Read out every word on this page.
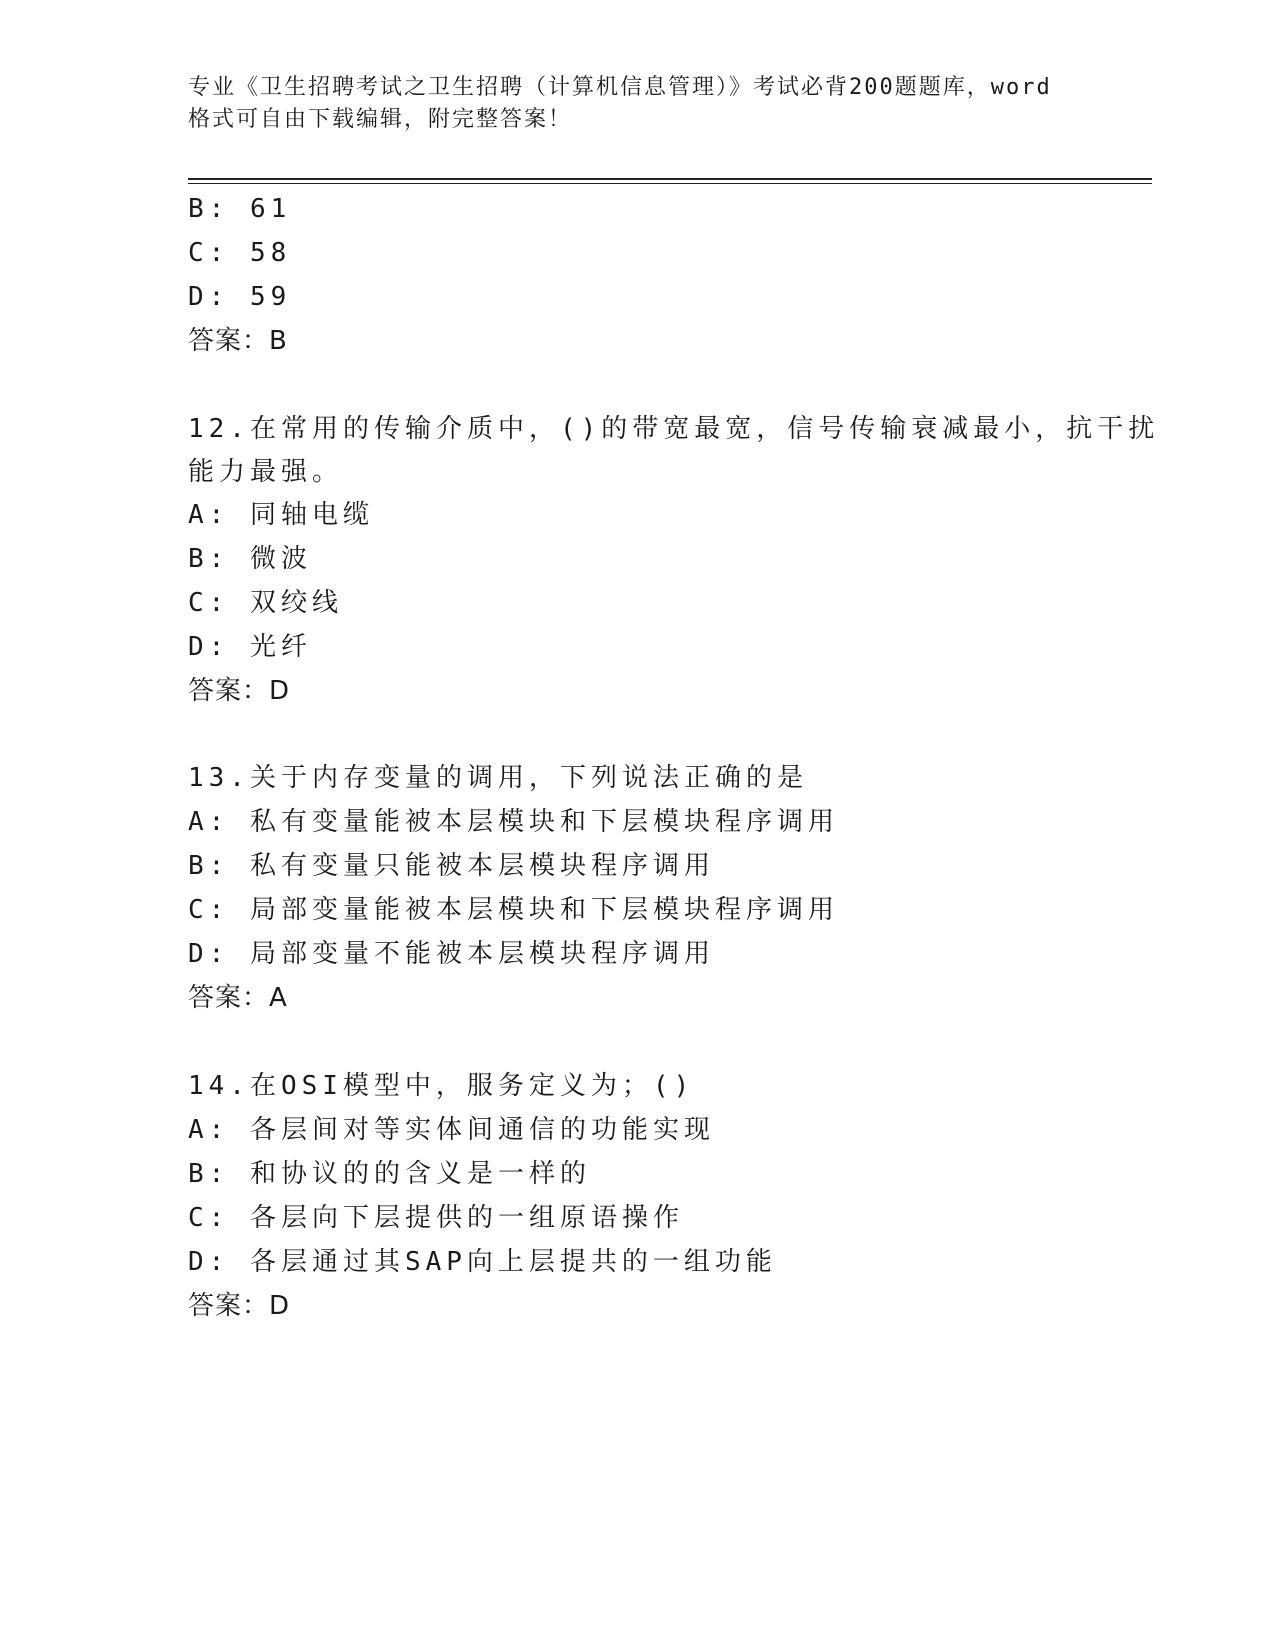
专业《卫生招聘考试之卫生招聘（计算机信息管理）》考试必背200题题库，word
格式可自由下载编辑，附完整答案！
B: 61
C: 58
D: 59
答案：B
12.在常用的传输介质中，()的带宽最宽，信号传输衰减最小，抗干扰
能力最强。
A: 同轴电缆
B: 微波
C: 双绞线
D: 光纤
答案：D
13.关于内存变量的调用，下列说法正确的是
A: 私有变量能被本层模块和下层模块程序调用
B: 私有变量只能被本层模块程序调用
C: 局部变量能被本层模块和下层模块程序调用
D: 局部变量不能被本层模块程序调用
答案：A
14.在OSI模型中，服务定义为；()
A: 各层间对等实体间通信的功能实现
B: 和协议的的含义是一样的
C: 各层向下层提供的一组原语操作
D: 各层通过其SAP向上层提共的一组功能
答案：D
